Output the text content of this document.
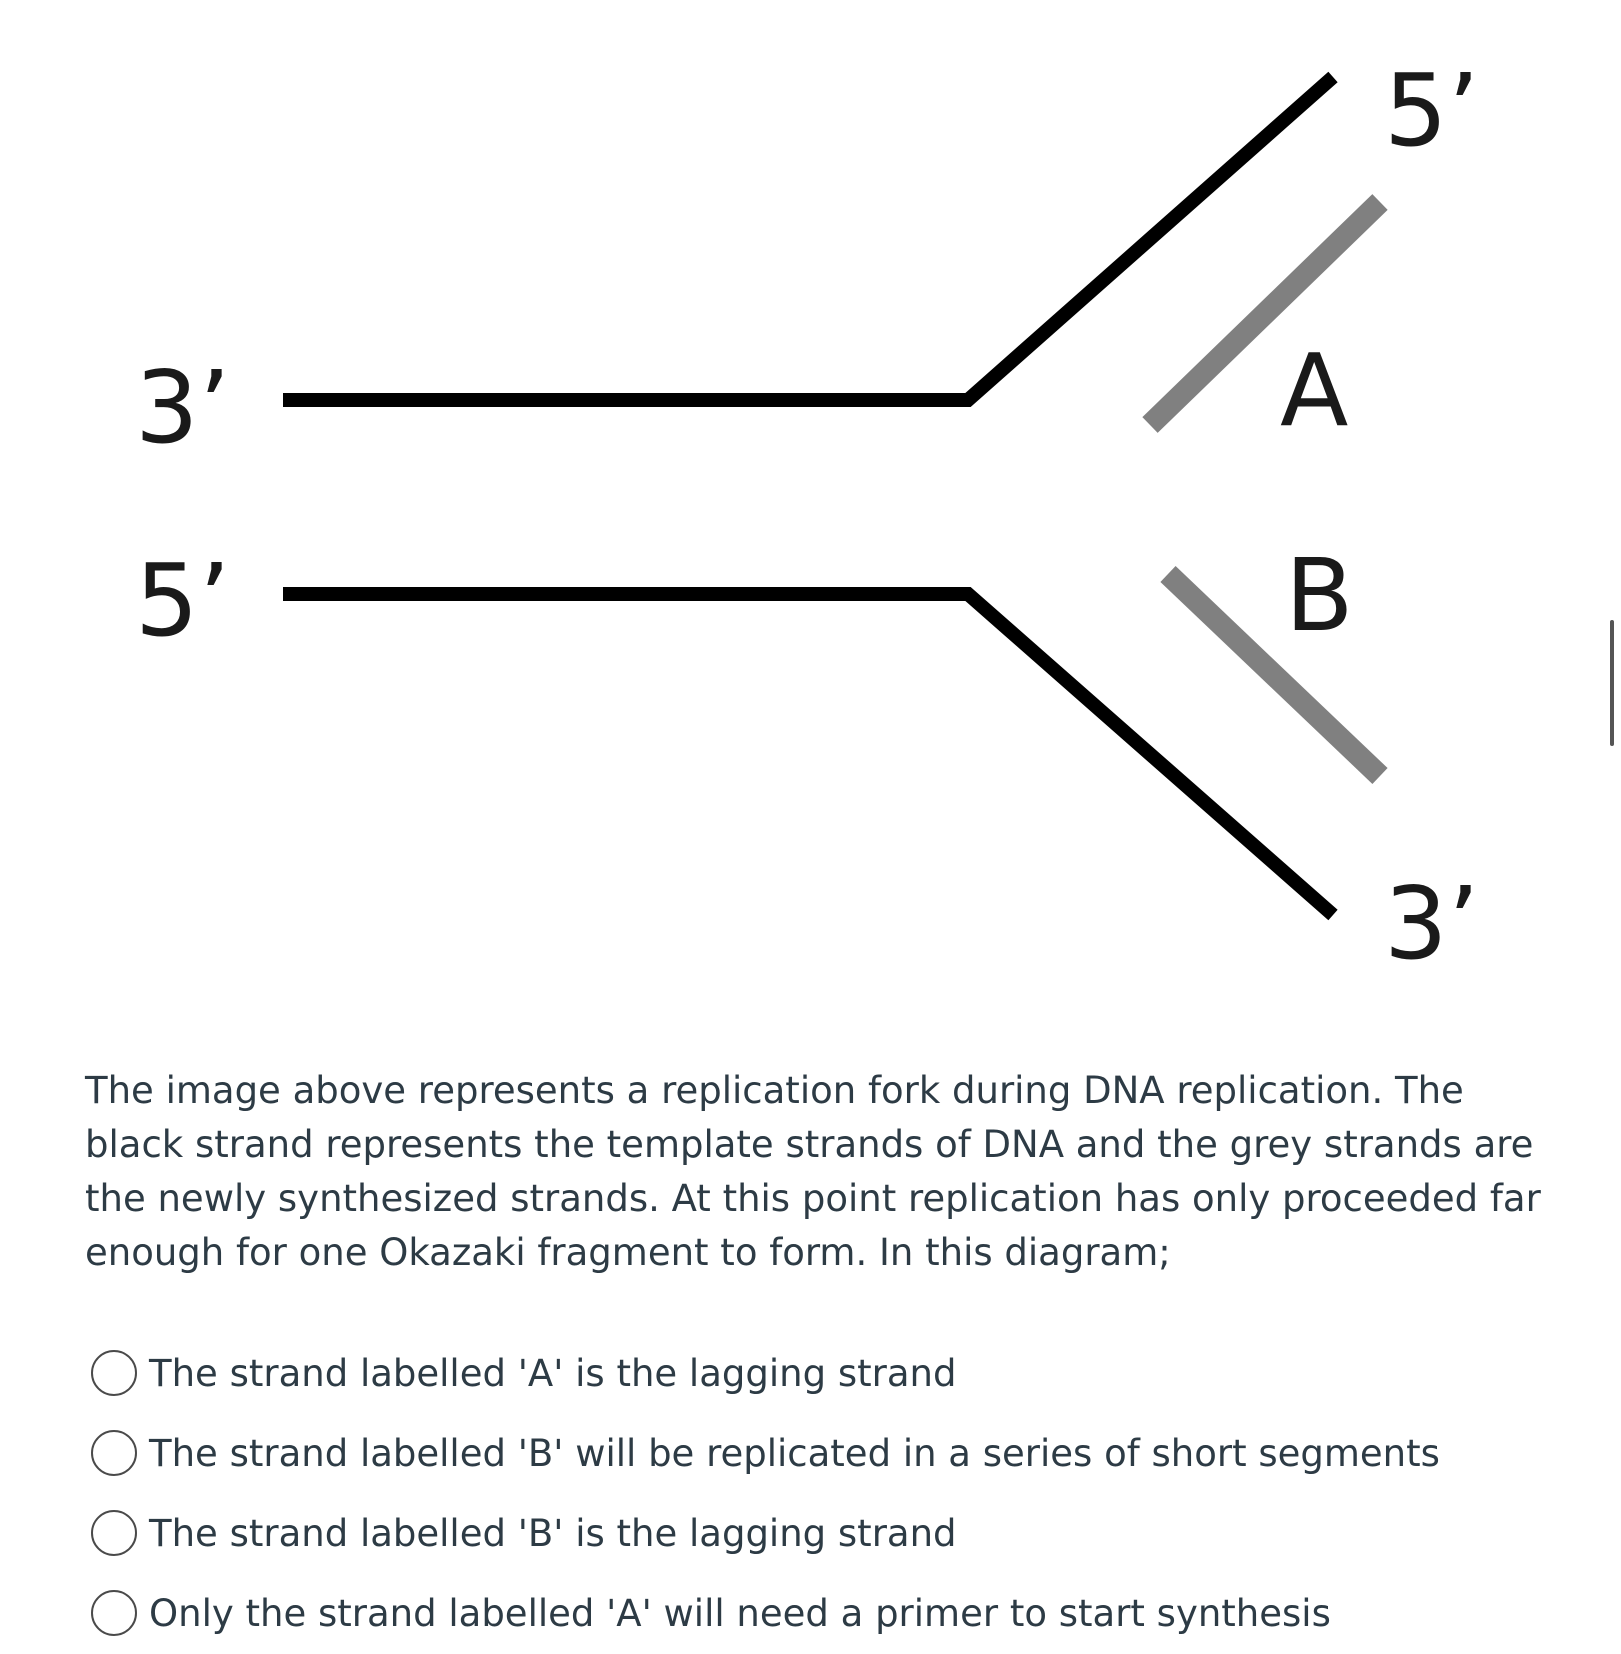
3’
5’
5’
3’
A
B

The image above represents a replication fork during DNA replication. The black strand represents the template strands of DNA and the grey strands are the newly synthesized strands. At this point replication has only proceeded far enough for one Okazaki fragment to form. In this diagram;

The strand labelled 'A' is the lagging strand
The strand labelled 'B' will be replicated in a series of short segments
The strand labelled 'B' is the lagging strand
Only the strand labelled 'A' will need a primer to start synthesis
